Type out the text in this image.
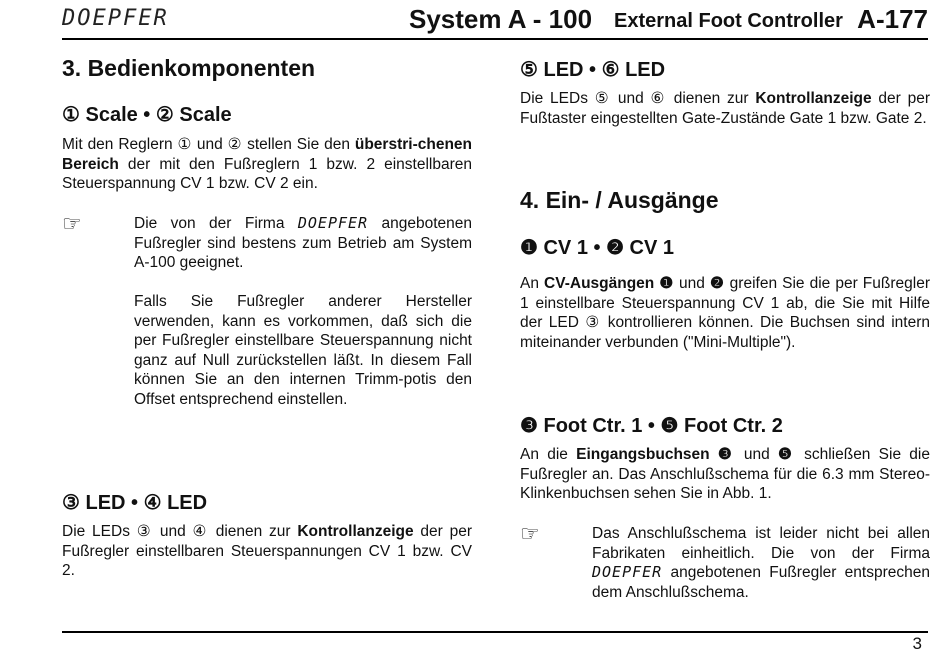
DOEPFER	System A - 100 External Foot Controller A-177
3. Bedienkomponenten
① Scale • ② Scale

Mit den Reglern ① und ② stellen Sie den überstri-chenen Bereich der mit den Fußreglern 1 bzw. 2 einstellbaren Steuerspannung CV 1 bzw. CV 2 ein.

☞	Die von der Firma DOEPFER angebotenen Fußregler sind bestens zum Betrieb am System A-100 geeignet.

Falls Sie Fußregler anderer Hersteller verwenden, kann es vorkommen, daß sich die per Fußregler einstellbare Steuerspannung nicht ganz auf Null zurückstellen läßt. In diesem Fall können Sie an den internen Trimm-potis den Offset entsprechend einstellen.

③ LED • ④ LED

Die LEDs ③ und ④ dienen zur Kontrollanzeige der per Fußregler einstellbaren Steuerspannungen CV 1 bzw. CV 2.

⑤ LED • ⑥ LED

Die LEDs ⑤ und ⑥ dienen zur Kontrollanzeige der per Fußtaster eingestellten Gate-Zustände Gate 1 bzw. Gate 2.

4. Ein- / Ausgänge
❶ CV 1 • ❷ CV 1

An CV-Ausgängen ❶ und ❷ greifen Sie die per Fußregler 1 einstellbare Steuerspannung CV 1 ab, die Sie mit Hilfe der LED ③ kontrollieren können. Die Buchsen sind intern miteinander verbunden ("Mini-Multiple").

❸ Foot Ctr. 1 • ❺ Foot Ctr. 2

An die Eingangsbuchsen ❸ und ❺ schließen Sie die Fußregler an. Das Anschlußschema für die 6.3 mm Stereo-Klinkenbuchsen sehen Sie in Abb. 1.

☞	Das Anschlußschema ist leider nicht bei allen Fabrikaten einheitlich. Die von der Firma DOEPFER angebotenen Fußregler entsprechen dem Anschlußschema.

3
